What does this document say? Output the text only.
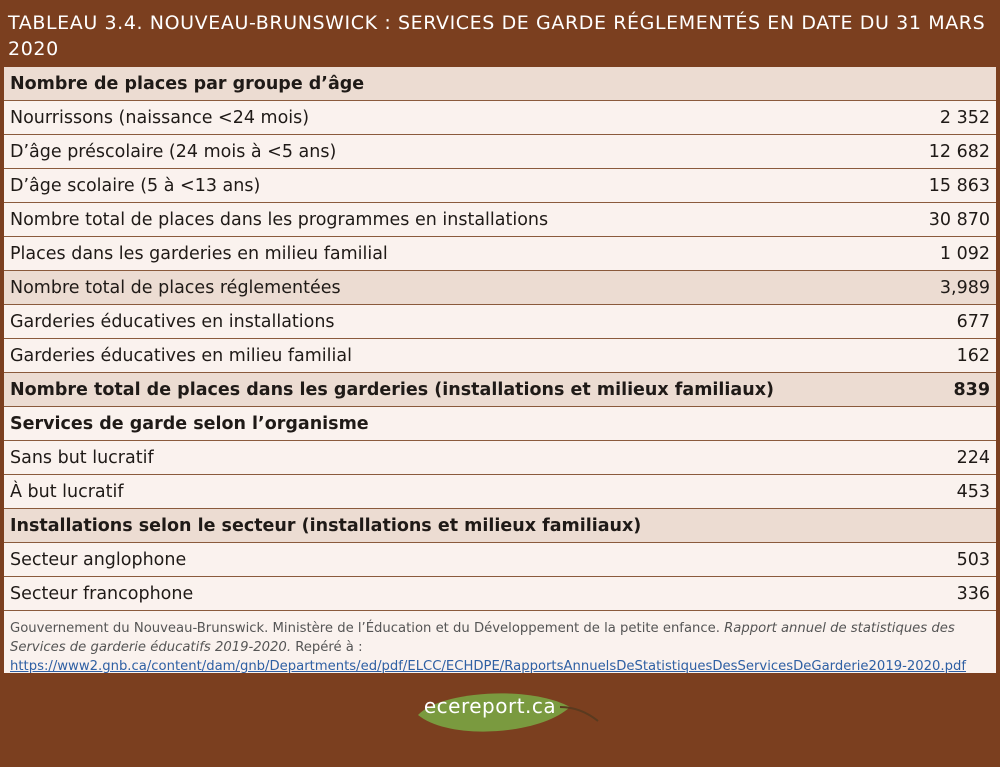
TABLEAU 3.4. NOUVEAU-BRUNSWICK : SERVICES DE GARDE RÉGLEMENTÉS EN DATE DU 31 MARS 2020
Nombre de places par groupe d’âge	
Nourrissons (naissance <24 mois)	2 352
D’âge préscolaire (24 mois à <5 ans)	12 682
D’âge scolaire (5 à <13 ans)	15 863
Nombre total de places dans les programmes en installations	30 870
Places dans les garderies en milieu familial	1 092
Nombre total de places réglementées	3,989
Garderies éducatives en installations	677
Garderies éducatives en milieu familial	162
Nombre total de places dans les garderies (installations et milieux familiaux)	839
Services de garde selon l’organisme	
Sans but lucratif	224
À but lucratif	453
Installations selon le secteur (installations et milieux familiaux)	
Secteur anglophone	503
Secteur francophone	336
Gouvernement du Nouveau-Brunswick. Ministère de l’Éducation et du Développement de la petite enfance. Rapport annuel de statistiques des Services de garderie éducatifs 2019-2020. Repéré à : https://www2.gnb.ca/content/dam/gnb/Departments/ed/pdf/ELCC/ECHDPE/RapportsAnnuelsDeStatistiquesDesServicesDeGarderie2019-2020.pdf
ecereport.ca
